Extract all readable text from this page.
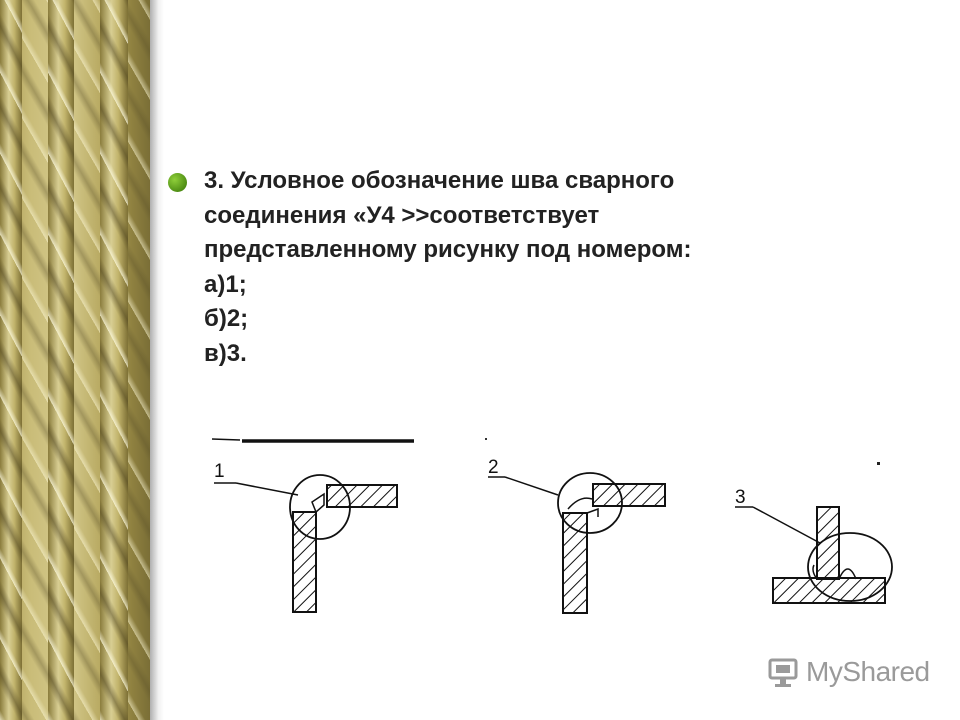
3. Условное обозначение шва сварного
соединения «У4 >>соответствует
представленному рисунку под номером:
а)1;
б)2;
в)3.
1	2
3
MyShared
